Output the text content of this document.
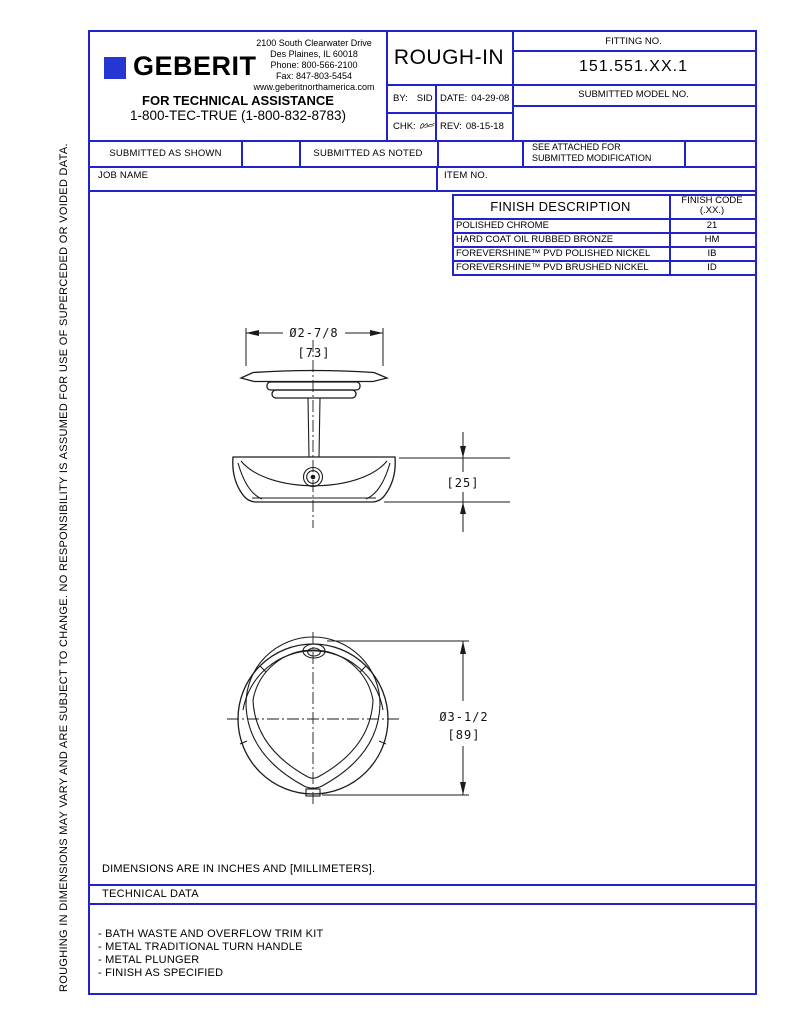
ROUGHING IN DIMENSIONS MAY VARY AND ARE SUBJECT TO CHANGE. NO RESPONSIBILITY IS ASSUMED FOR USE OF SUPERCEDED OR VOIDED DATA.
GEBERIT
2100 South Clearwater Drive
Des Plaines, IL 60018
Phone: 800-566-2100
Fax: 847-803-5454
www.geberitnorthamerica.com
FOR TECHNICAL ASSISTANCE
1-800-TEC-TRUE (1-800-832-8783)
ROUGH-IN
BY: SID DATE: 04-29-08
CHK:	REV: 08-15-18
FITTING NO.
151.551.XX.1
SUBMITTED MODEL NO.
SUBMITTED AS SHOWN	SUBMITTED AS NOTED
SEE ATTACHED FOR
SUBMITTED MODIFICATION
JOB NAME	ITEM NO.
FINISH DESCRIPTION	FINISH CODE
(.XX.)
POLISHED CHROME	21
HARD COAT OIL RUBBED BRONZE	HM
FOREVERSHINE™ PVD POLISHED NICKEL	IB
FOREVERSHINE™ PVD BRUSHED NICKEL	ID
DIMENSIONS ARE IN INCHES AND [MILLIMETERS].
TECHNICAL DATA
- BATH WASTE AND OVERFLOW TRIM KIT
- METAL TRADITIONAL TURN HANDLE
- METAL PLUNGER
- FINISH AS SPECIFIED
Ø2-7/8
[73]
[25]
Ø3-1/2
[89]
